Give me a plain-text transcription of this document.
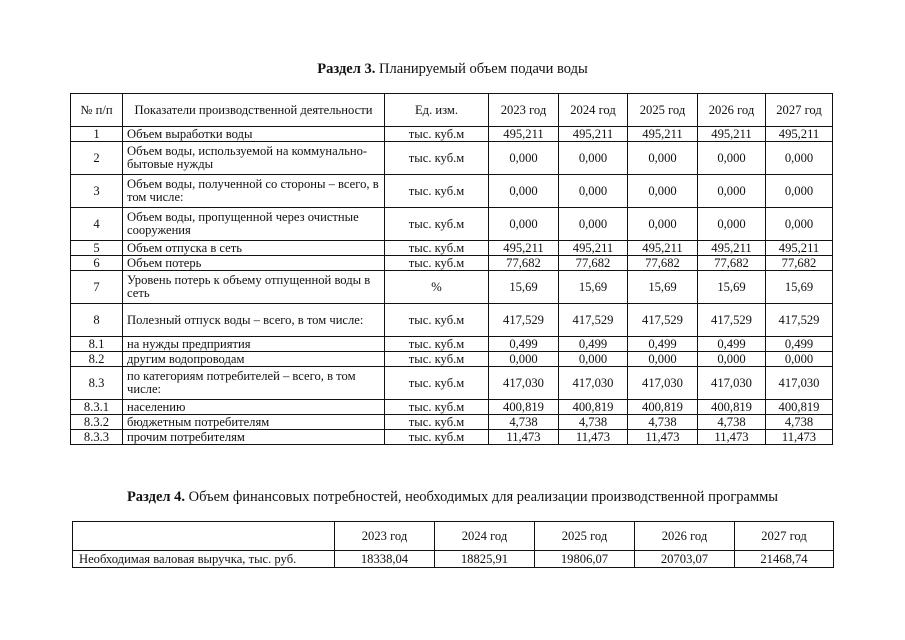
Раздел 3. Планируемый объем подачи воды
№ п/п	Показатели производственной деятельности	Ед. изм.	2023 год	2024 год	2025 год	2026 год	2027 год
1	Объем выработки воды	тыс. куб.м	495,211	495,211	495,211	495,211	495,211
2	Объем воды, используемой на коммунально-бытовые нужды	тыс. куб.м	0,000	0,000	0,000	0,000	0,000
3	Объем воды, полученной со стороны – всего, в том числе:	тыс. куб.м	0,000	0,000	0,000	0,000	0,000
4	Объем воды, пропущенной через очистные сооружения	тыс. куб.м	0,000	0,000	0,000	0,000	0,000
5	Объем отпуска в сеть	тыс. куб.м	495,211	495,211	495,211	495,211	495,211
6	Объем потерь	тыс. куб.м	77,682	77,682	77,682	77,682	77,682
7	Уровень потерь к объему отпущенной воды в сеть	%	15,69	15,69	15,69	15,69	15,69
8	Полезный отпуск воды – всего, в том числе:	тыс. куб.м	417,529	417,529	417,529	417,529	417,529
8.1	на нужды предприятия	тыс. куб.м	0,499	0,499	0,499	0,499	0,499
8.2	другим водопроводам	тыс. куб.м	0,000	0,000	0,000	0,000	0,000
8.3	по категориям потребителей – всего, в том числе:	тыс. куб.м	417,030	417,030	417,030	417,030	417,030
8.3.1	населению	тыс. куб.м	400,819	400,819	400,819	400,819	400,819
8.3.2	бюджетным потребителям	тыс. куб.м	4,738	4,738	4,738	4,738	4,738
8.3.3	прочим потребителям	тыс. куб.м	11,473	11,473	11,473	11,473	11,473
Раздел 4. Объем финансовых потребностей, необходимых для реализации производственной программы
	2023 год	2024 год	2025 год	2026 год	2027 год
Необходимая валовая выручка, тыс. руб.	18338,04	18825,91	19806,07	20703,07	21468,74
